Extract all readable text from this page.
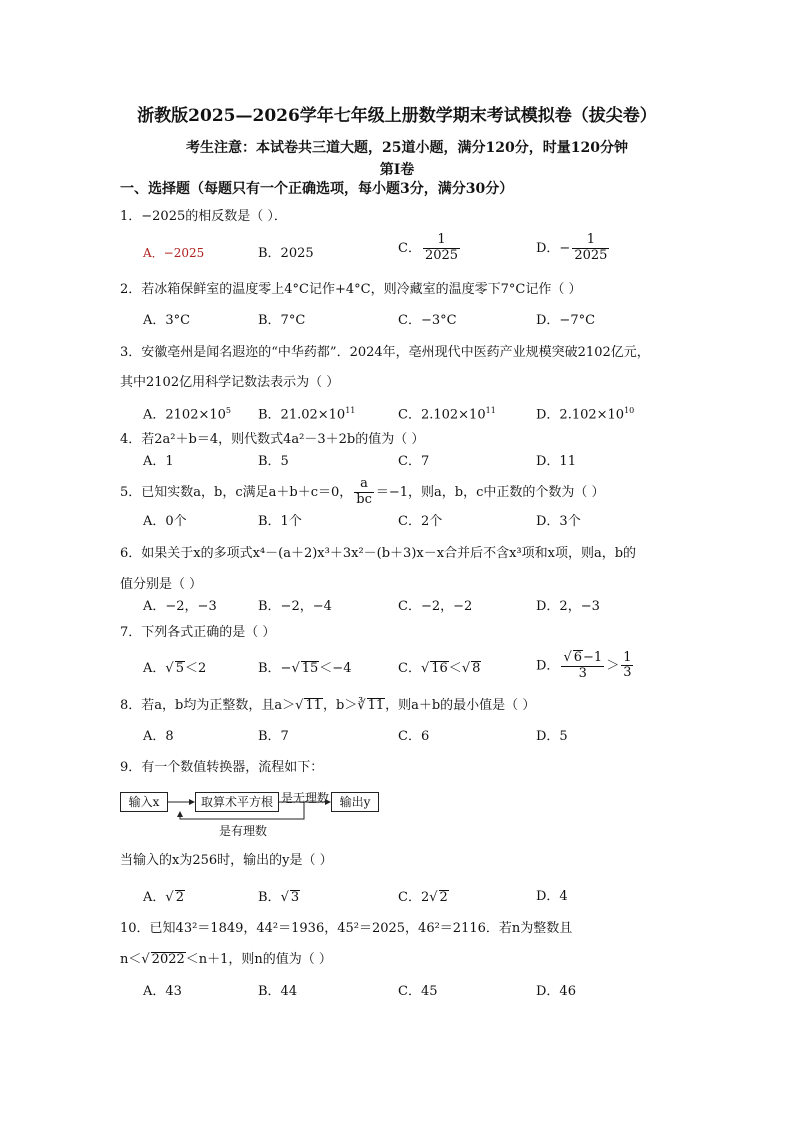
浙教版2025—2026学年七年级上册数学期末考试模拟卷（拔尖卷）
考生注意：本试卷共三道大题，25道小题，满分120分，时量120分钟
第Ⅰ卷
一、选择题（每题只有一个正确选项，每小题3分，满分30分）
1．−2025的相反数是（ ）．
A．−2025	B．2025	C． $\frac{1}{2025}$	D．− $\frac{1}{2025}$
2．若冰箱保鲜室的温度零上4°C记作+4°C，则冷藏室的温度零下7°C记作（ ）
A．3°C	B．7°C	C．−3°C	D．−7°C
3．安徽亳州是闻名遐迩的“中华药都”．2024年，亳州现代中医药产业规模突破2102亿元，
其中2102亿用科学记数法表示为（ ）
A．$2102\times 10^5$ B．$21.02\times 10^{11}$	C．$2.102\times 10^{11}$	D．$2.102\times 10^{10}$
4．若2a²＋b＝4，则代数式4a²－3＋2b的值为（ ）
A．1	B．5	C．7	D．11
5．已知实数a，b，c满足a＋b＋c＝0， $\frac{a}{bc} =-1$，则a，b，c中正数的个数为（ ）
A．0个	B．1个	C．2个	D．3个
6．如果关于x的多项式x⁴－(a＋2)x³＋3x²－(b＋3)x－x合并后不含x³项和x项，则a，b的
值分别是（ ）
A．−2，−3	B．−2，−4	C．−2，−2	D．2，−3
7．下列各式正确的是（ ）
A．√ 5＜2	B．−√ 15＜−4	C．√ 16＜√ 8	D． $\frac{√ 6-1}{3} > \frac{1}{3}$
8．若a，b均为正整数，且a＞√ 11，b＞∛ 11，则a＋b的最小值是（ ）
A．8	B．7	C．6	D．5
9．有一个数值转换器，流程如下：
输入x	取算术平方根	输出y
是无理数
是有理数
当输入的x为256时，输出的y是（ ）
A．√ 2	B．√ 3	C．2√ 2	D．4
10．已知43²＝1849，44²＝1936，45²＝2025，46²＝2116．若n为整数且
n＜√ 2022＜n＋1，则n的值为（ ）
A．43	B．44	C．45	D．46
